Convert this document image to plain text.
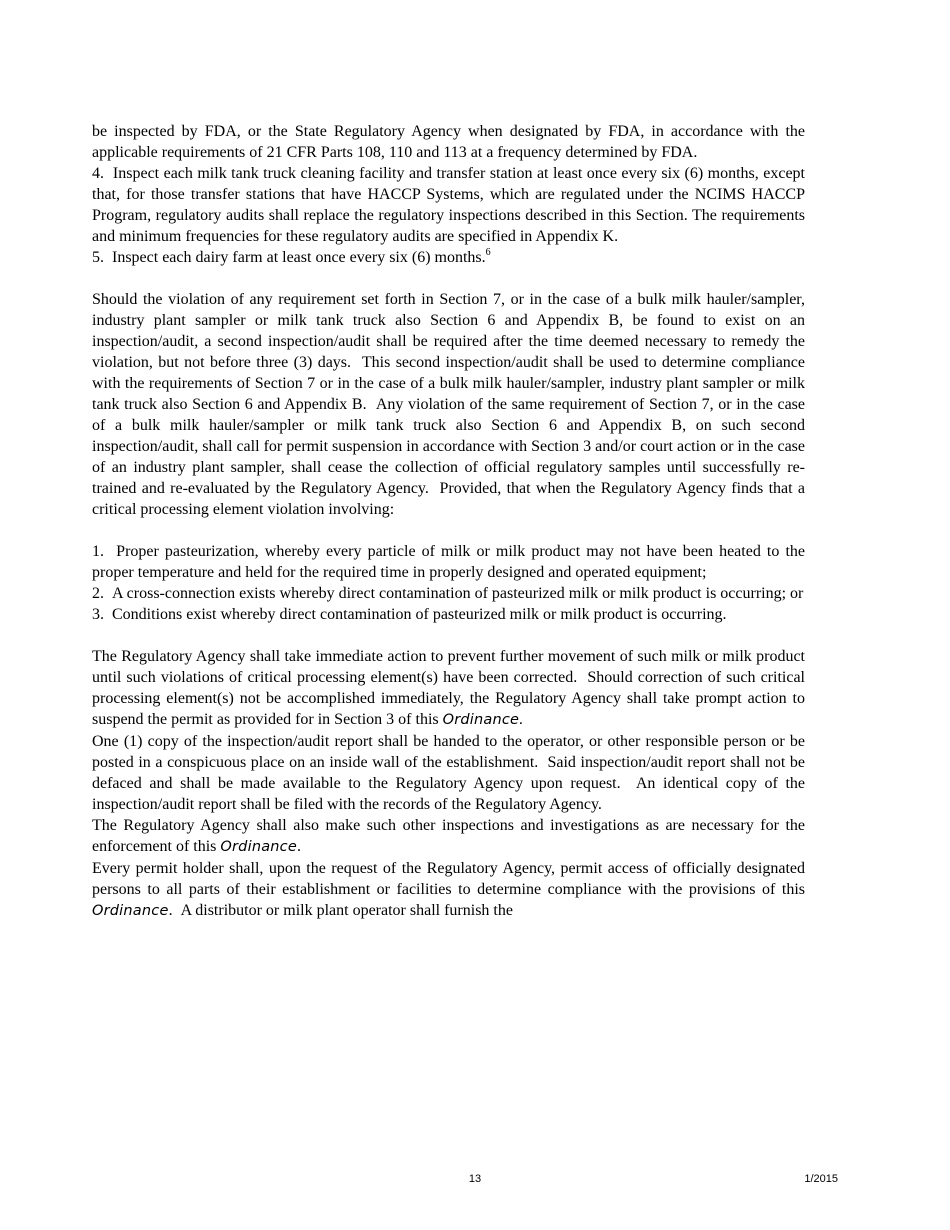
be inspected by FDA, or the State Regulatory Agency when designated by FDA, in accordance with the applicable requirements of 21 CFR Parts 108, 110 and 113 at a frequency determined by FDA.

4.  Inspect each milk tank truck cleaning facility and transfer station at least once every six (6) months, except that, for those transfer stations that have HACCP Systems, which are regulated under the NCIMS HACCP Program, regulatory audits shall replace the regulatory inspections described in this Section. The requirements and minimum frequencies for these regulatory audits are specified in Appendix K.

5.  Inspect each dairy farm at least once every six (6) months.$^6$

Should the violation of any requirement set forth in Section 7, or in the case of a bulk milk hauler/sampler, industry plant sampler or milk tank truck also Section 6 and Appendix B, be found to exist on an inspection/audit, a second inspection/audit shall be required after the time deemed necessary to remedy the violation, but not before three (3) days.  This second inspection/audit shall be used to determine compliance with the requirements of Section 7 or in the case of a bulk milk hauler/sampler, industry plant sampler or milk tank truck also Section 6 and Appendix B.  Any violation of the same requirement of Section 7, or in the case of a bulk milk hauler/sampler or milk tank truck also Section 6 and Appendix B, on such second inspection/audit, shall call for permit suspension in accordance with Section 3 and/or court action or in the case of an industry plant sampler, shall cease the collection of official regulatory samples until successfully re-trained and re-evaluated by the Regulatory Agency.  Provided, that when the Regulatory Agency finds that a critical processing element violation involving:

1.  Proper pasteurization, whereby every particle of milk or milk product may not have been heated to the proper temperature and held for the required time in properly designed and operated equipment;

2.  A cross-connection exists whereby direct contamination of pasteurized milk or milk product is occurring; or

3.  Conditions exist whereby direct contamination of pasteurized milk or milk product is occurring.

The Regulatory Agency shall take immediate action to prevent further movement of such milk or milk product until such violations of critical processing element(s) have been corrected.  Should correction of such critical processing element(s) not be accomplished immediately, the Regulatory Agency shall take prompt action to suspend the permit as provided for in Section 3 of this Ordinance.

One (1) copy of the inspection/audit report shall be handed to the operator, or other responsible person or be posted in a conspicuous place on an inside wall of the establishment.  Said inspection/audit report shall not be defaced and shall be made available to the Regulatory Agency upon request.  An identical copy of the inspection/audit report shall be filed with the records of the Regulatory Agency.

The Regulatory Agency shall also make such other inspections and investigations as are necessary for the enforcement of this Ordinance.

Every permit holder shall, upon the request of the Regulatory Agency, permit access of officially designated persons to all parts of their establishment or facilities to determine compliance with the provisions of this Ordinance.  A distributor or milk plant operator shall furnish the

13	1/2015
